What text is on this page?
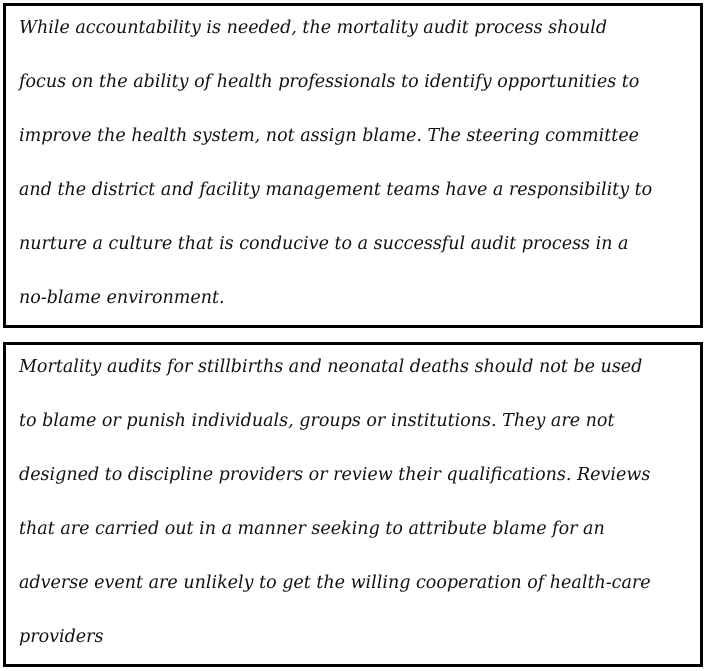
While accountability is needed, the mortality audit process should
focus on the ability of health professionals to identify opportunities to
improve the health system, not assign blame. The steering committee
and the district and facility management teams have a responsibility to
nurture a culture that is conducive to a successful audit process in a
no-blame environment.
Mortality audits for stillbirths and neonatal deaths should not be used
to blame or punish individuals, groups or institutions. They are not
designed to discipline providers or review their qualifications. Reviews
that are carried out in a manner seeking to attribute blame for an
adverse event are unlikely to get the willing cooperation of health-care
providers
